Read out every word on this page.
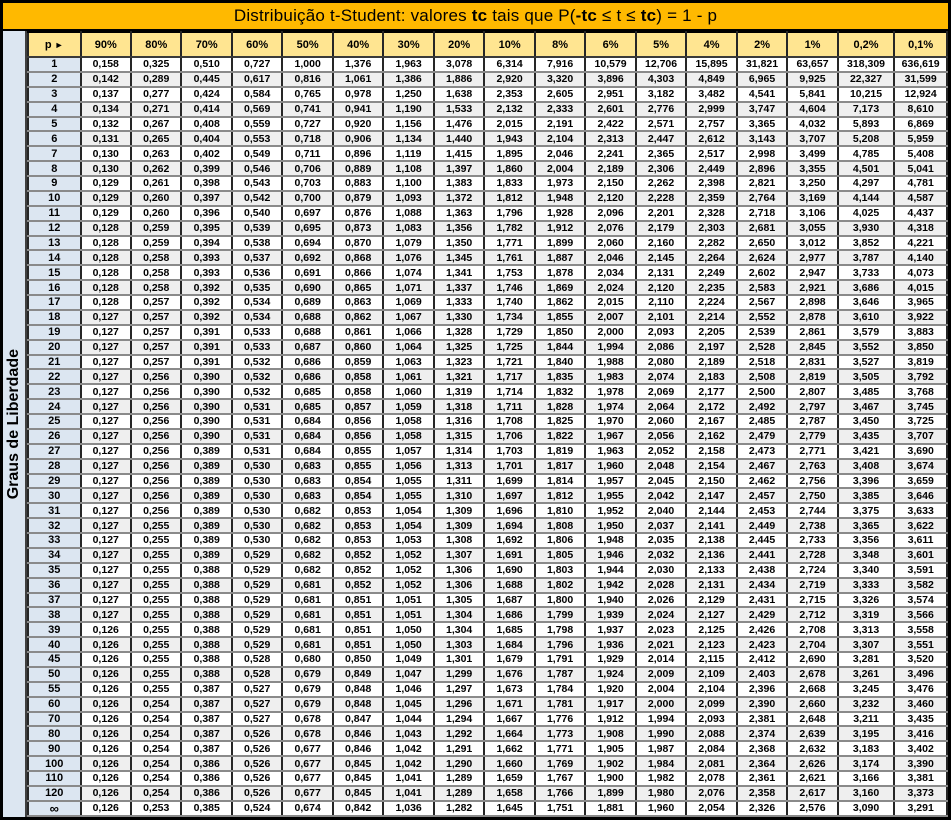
Distribuição t-Student: valores tc tais que P(-tc ≤ t ≤ tc) = 1 - p
Graus de Liberdade
p ►	90%	80%	70%	60%	50%	40%	30%	20%	10%	8%	6%	5%	4%	2%	1%	0,2%	0,1%
1	0,158	0,325	0,510	0,727	1,000	1,376	1,963	3,078	6,314	7,916	10,579	12,706	15,895	31,821	63,657	318,309	636,619
2	0,142	0,289	0,445	0,617	0,816	1,061	1,386	1,886	2,920	3,320	3,896	4,303	4,849	6,965	9,925	22,327	31,599
3	0,137	0,277	0,424	0,584	0,765	0,978	1,250	1,638	2,353	2,605	2,951	3,182	3,482	4,541	5,841	10,215	12,924
4	0,134	0,271	0,414	0,569	0,741	0,941	1,190	1,533	2,132	2,333	2,601	2,776	2,999	3,747	4,604	7,173	8,610
5	0,132	0,267	0,408	0,559	0,727	0,920	1,156	1,476	2,015	2,191	2,422	2,571	2,757	3,365	4,032	5,893	6,869
6	0,131	0,265	0,404	0,553	0,718	0,906	1,134	1,440	1,943	2,104	2,313	2,447	2,612	3,143	3,707	5,208	5,959
7	0,130	0,263	0,402	0,549	0,711	0,896	1,119	1,415	1,895	2,046	2,241	2,365	2,517	2,998	3,499	4,785	5,408
8	0,130	0,262	0,399	0,546	0,706	0,889	1,108	1,397	1,860	2,004	2,189	2,306	2,449	2,896	3,355	4,501	5,041
9	0,129	0,261	0,398	0,543	0,703	0,883	1,100	1,383	1,833	1,973	2,150	2,262	2,398	2,821	3,250	4,297	4,781
10	0,129	0,260	0,397	0,542	0,700	0,879	1,093	1,372	1,812	1,948	2,120	2,228	2,359	2,764	3,169	4,144	4,587
11	0,129	0,260	0,396	0,540	0,697	0,876	1,088	1,363	1,796	1,928	2,096	2,201	2,328	2,718	3,106	4,025	4,437
12	0,128	0,259	0,395	0,539	0,695	0,873	1,083	1,356	1,782	1,912	2,076	2,179	2,303	2,681	3,055	3,930	4,318
13	0,128	0,259	0,394	0,538	0,694	0,870	1,079	1,350	1,771	1,899	2,060	2,160	2,282	2,650	3,012	3,852	4,221
14	0,128	0,258	0,393	0,537	0,692	0,868	1,076	1,345	1,761	1,887	2,046	2,145	2,264	2,624	2,977	3,787	4,140
15	0,128	0,258	0,393	0,536	0,691	0,866	1,074	1,341	1,753	1,878	2,034	2,131	2,249	2,602	2,947	3,733	4,073
16	0,128	0,258	0,392	0,535	0,690	0,865	1,071	1,337	1,746	1,869	2,024	2,120	2,235	2,583	2,921	3,686	4,015
17	0,128	0,257	0,392	0,534	0,689	0,863	1,069	1,333	1,740	1,862	2,015	2,110	2,224	2,567	2,898	3,646	3,965
18	0,127	0,257	0,392	0,534	0,688	0,862	1,067	1,330	1,734	1,855	2,007	2,101	2,214	2,552	2,878	3,610	3,922
19	0,127	0,257	0,391	0,533	0,688	0,861	1,066	1,328	1,729	1,850	2,000	2,093	2,205	2,539	2,861	3,579	3,883
20	0,127	0,257	0,391	0,533	0,687	0,860	1,064	1,325	1,725	1,844	1,994	2,086	2,197	2,528	2,845	3,552	3,850
21	0,127	0,257	0,391	0,532	0,686	0,859	1,063	1,323	1,721	1,840	1,988	2,080	2,189	2,518	2,831	3,527	3,819
22	0,127	0,256	0,390	0,532	0,686	0,858	1,061	1,321	1,717	1,835	1,983	2,074	2,183	2,508	2,819	3,505	3,792
23	0,127	0,256	0,390	0,532	0,685	0,858	1,060	1,319	1,714	1,832	1,978	2,069	2,177	2,500	2,807	3,485	3,768
24	0,127	0,256	0,390	0,531	0,685	0,857	1,059	1,318	1,711	1,828	1,974	2,064	2,172	2,492	2,797	3,467	3,745
25	0,127	0,256	0,390	0,531	0,684	0,856	1,058	1,316	1,708	1,825	1,970	2,060	2,167	2,485	2,787	3,450	3,725
26	0,127	0,256	0,390	0,531	0,684	0,856	1,058	1,315	1,706	1,822	1,967	2,056	2,162	2,479	2,779	3,435	3,707
27	0,127	0,256	0,389	0,531	0,684	0,855	1,057	1,314	1,703	1,819	1,963	2,052	2,158	2,473	2,771	3,421	3,690
28	0,127	0,256	0,389	0,530	0,683	0,855	1,056	1,313	1,701	1,817	1,960	2,048	2,154	2,467	2,763	3,408	3,674
29	0,127	0,256	0,389	0,530	0,683	0,854	1,055	1,311	1,699	1,814	1,957	2,045	2,150	2,462	2,756	3,396	3,659
30	0,127	0,256	0,389	0,530	0,683	0,854	1,055	1,310	1,697	1,812	1,955	2,042	2,147	2,457	2,750	3,385	3,646
31	0,127	0,256	0,389	0,530	0,682	0,853	1,054	1,309	1,696	1,810	1,952	2,040	2,144	2,453	2,744	3,375	3,633
32	0,127	0,255	0,389	0,530	0,682	0,853	1,054	1,309	1,694	1,808	1,950	2,037	2,141	2,449	2,738	3,365	3,622
33	0,127	0,255	0,389	0,530	0,682	0,853	1,053	1,308	1,692	1,806	1,948	2,035	2,138	2,445	2,733	3,356	3,611
34	0,127	0,255	0,389	0,529	0,682	0,852	1,052	1,307	1,691	1,805	1,946	2,032	2,136	2,441	2,728	3,348	3,601
35	0,127	0,255	0,388	0,529	0,682	0,852	1,052	1,306	1,690	1,803	1,944	2,030	2,133	2,438	2,724	3,340	3,591
36	0,127	0,255	0,388	0,529	0,681	0,852	1,052	1,306	1,688	1,802	1,942	2,028	2,131	2,434	2,719	3,333	3,582
37	0,127	0,255	0,388	0,529	0,681	0,851	1,051	1,305	1,687	1,800	1,940	2,026	2,129	2,431	2,715	3,326	3,574
38	0,127	0,255	0,388	0,529	0,681	0,851	1,051	1,304	1,686	1,799	1,939	2,024	2,127	2,429	2,712	3,319	3,566
39	0,126	0,255	0,388	0,529	0,681	0,851	1,050	1,304	1,685	1,798	1,937	2,023	2,125	2,426	2,708	3,313	3,558
40	0,126	0,255	0,388	0,529	0,681	0,851	1,050	1,303	1,684	1,796	1,936	2,021	2,123	2,423	2,704	3,307	3,551
45	0,126	0,255	0,388	0,528	0,680	0,850	1,049	1,301	1,679	1,791	1,929	2,014	2,115	2,412	2,690	3,281	3,520
50	0,126	0,255	0,388	0,528	0,679	0,849	1,047	1,299	1,676	1,787	1,924	2,009	2,109	2,403	2,678	3,261	3,496
55	0,126	0,255	0,387	0,527	0,679	0,848	1,046	1,297	1,673	1,784	1,920	2,004	2,104	2,396	2,668	3,245	3,476
60	0,126	0,254	0,387	0,527	0,679	0,848	1,045	1,296	1,671	1,781	1,917	2,000	2,099	2,390	2,660	3,232	3,460
70	0,126	0,254	0,387	0,527	0,678	0,847	1,044	1,294	1,667	1,776	1,912	1,994	2,093	2,381	2,648	3,211	3,435
80	0,126	0,254	0,387	0,526	0,678	0,846	1,043	1,292	1,664	1,773	1,908	1,990	2,088	2,374	2,639	3,195	3,416
90	0,126	0,254	0,387	0,526	0,677	0,846	1,042	1,291	1,662	1,771	1,905	1,987	2,084	2,368	2,632	3,183	3,402
100	0,126	0,254	0,386	0,526	0,677	0,845	1,042	1,290	1,660	1,769	1,902	1,984	2,081	2,364	2,626	3,174	3,390
110	0,126	0,254	0,386	0,526	0,677	0,845	1,041	1,289	1,659	1,767	1,900	1,982	2,078	2,361	2,621	3,166	3,381
120	0,126	0,254	0,386	0,526	0,677	0,845	1,041	1,289	1,658	1,766	1,899	1,980	2,076	2,358	2,617	3,160	3,373
∞	0,126	0,253	0,385	0,524	0,674	0,842	1,036	1,282	1,645	1,751	1,881	1,960	2,054	2,326	2,576	3,090	3,291
